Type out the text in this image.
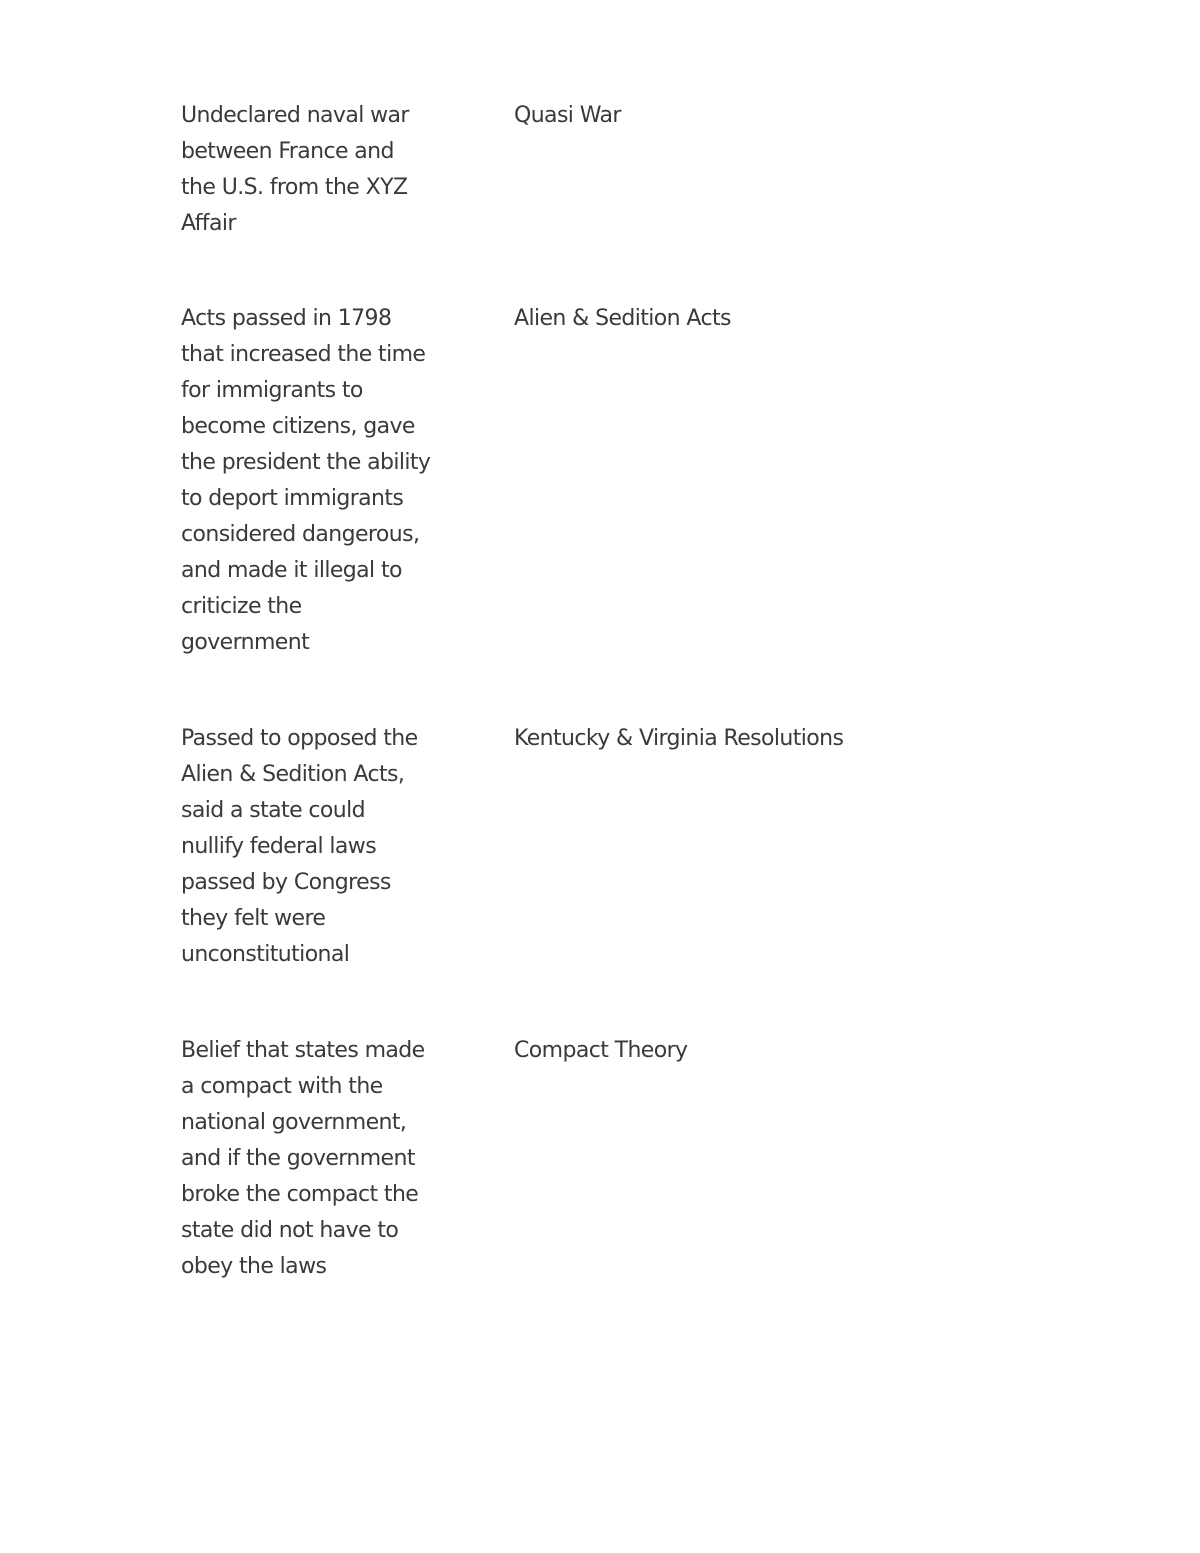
Undeclared naval war between France and the U.S. from the XYZ Affair
Quasi War
Acts passed in 1798 that increased the time for immigrants to become citizens, gave the president the ability to deport immigrants considered dangerous, and made it illegal to criticize the government
Alien & Sedition Acts
Passed to opposed the Alien & Sedition Acts, said a state could nullify federal laws passed by Congress they felt were unconstitutional
Kentucky & Virginia Resolutions
Belief that states made a compact with the national government, and if the government broke the compact the state did not have to obey the laws
Compact Theory
